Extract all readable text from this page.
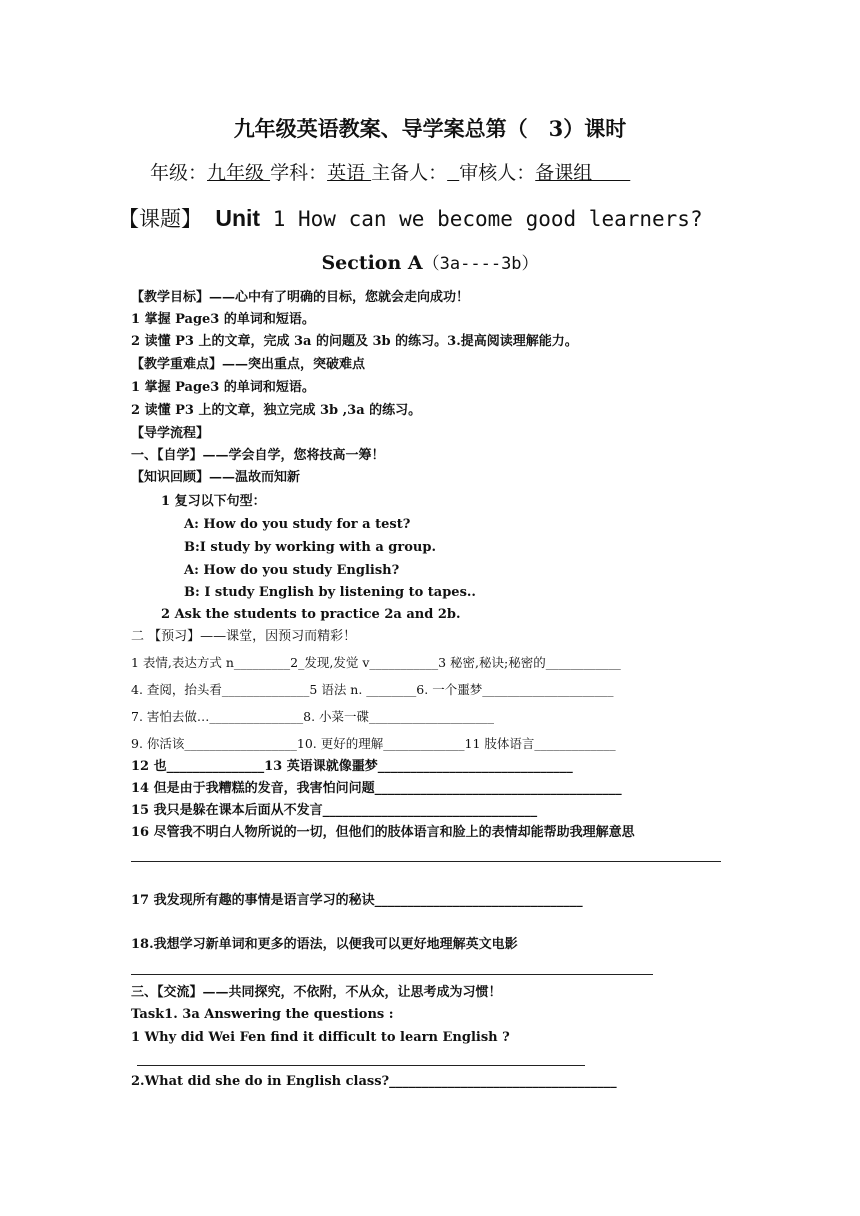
九年级英语教案、导学案总第（　3）课时
年级：九年级 学科：英语 主备人： 审核人：备课组　　
【课题】 Unit 1 How can we become good learners?
Section A（3a----3b）
【教学目标】——心中有了明确的目标，您就会走向成功！
1 掌握 Page3 的单词和短语。
2 读懂 P3 上的文章，完成 3a 的问题及 3b 的练习。3.提高阅读理解能力。
【教学重难点】——突出重点，突破难点
1 掌握 Page3 的单词和短语。
2 读懂 P3 上的文章，独立完成 3b ,3a 的练习。
【导学流程】
一、【自学】——学会自学，您将技高一筹！
【知识回顾】——温故而知新
1 复习以下句型：
A: How do you study for a test?
B:I study by working with a group.
A: How do you study English?
B: I study English by listening to tapes..
2 Ask the students to practice 2a and 2b.
二 【预习】——课堂，因预习而精彩！
1 表情,表达方式 n_________2_发现,发觉 v___________3 秘密,秘诀;秘密的____________
4. 查阅，抬头看______________5 语法 n. ________6. 一个噩梦_____________________
7. 害怕去做…_______________8. 小菜一碟____________________
9. 你活该__________________10. 更好的理解_____________11 肢体语言_____________
12 也_______________13 英语课就像噩梦______________________________
14 但是由于我糟糕的发音，我害怕问问题______________________________________
15 我只是躲在课本后面从不发言_________________________________
16 尽管我不明白人物所说的一切，但他们的肢体语言和脸上的表情却能帮助我理解意思
17 我发现所有趣的事情是语言学习的秘诀________________________________
18.我想学习新单词和更多的语法，以便我可以更好地理解英文电影
三、【交流】——共同探究，不依附，不从众，让思考成为习惯！
Task1. 3a Answering the questions :
1 Why did Wei Fen find it difficult to learn English ?
2.What did she do in English class?___________________________________
